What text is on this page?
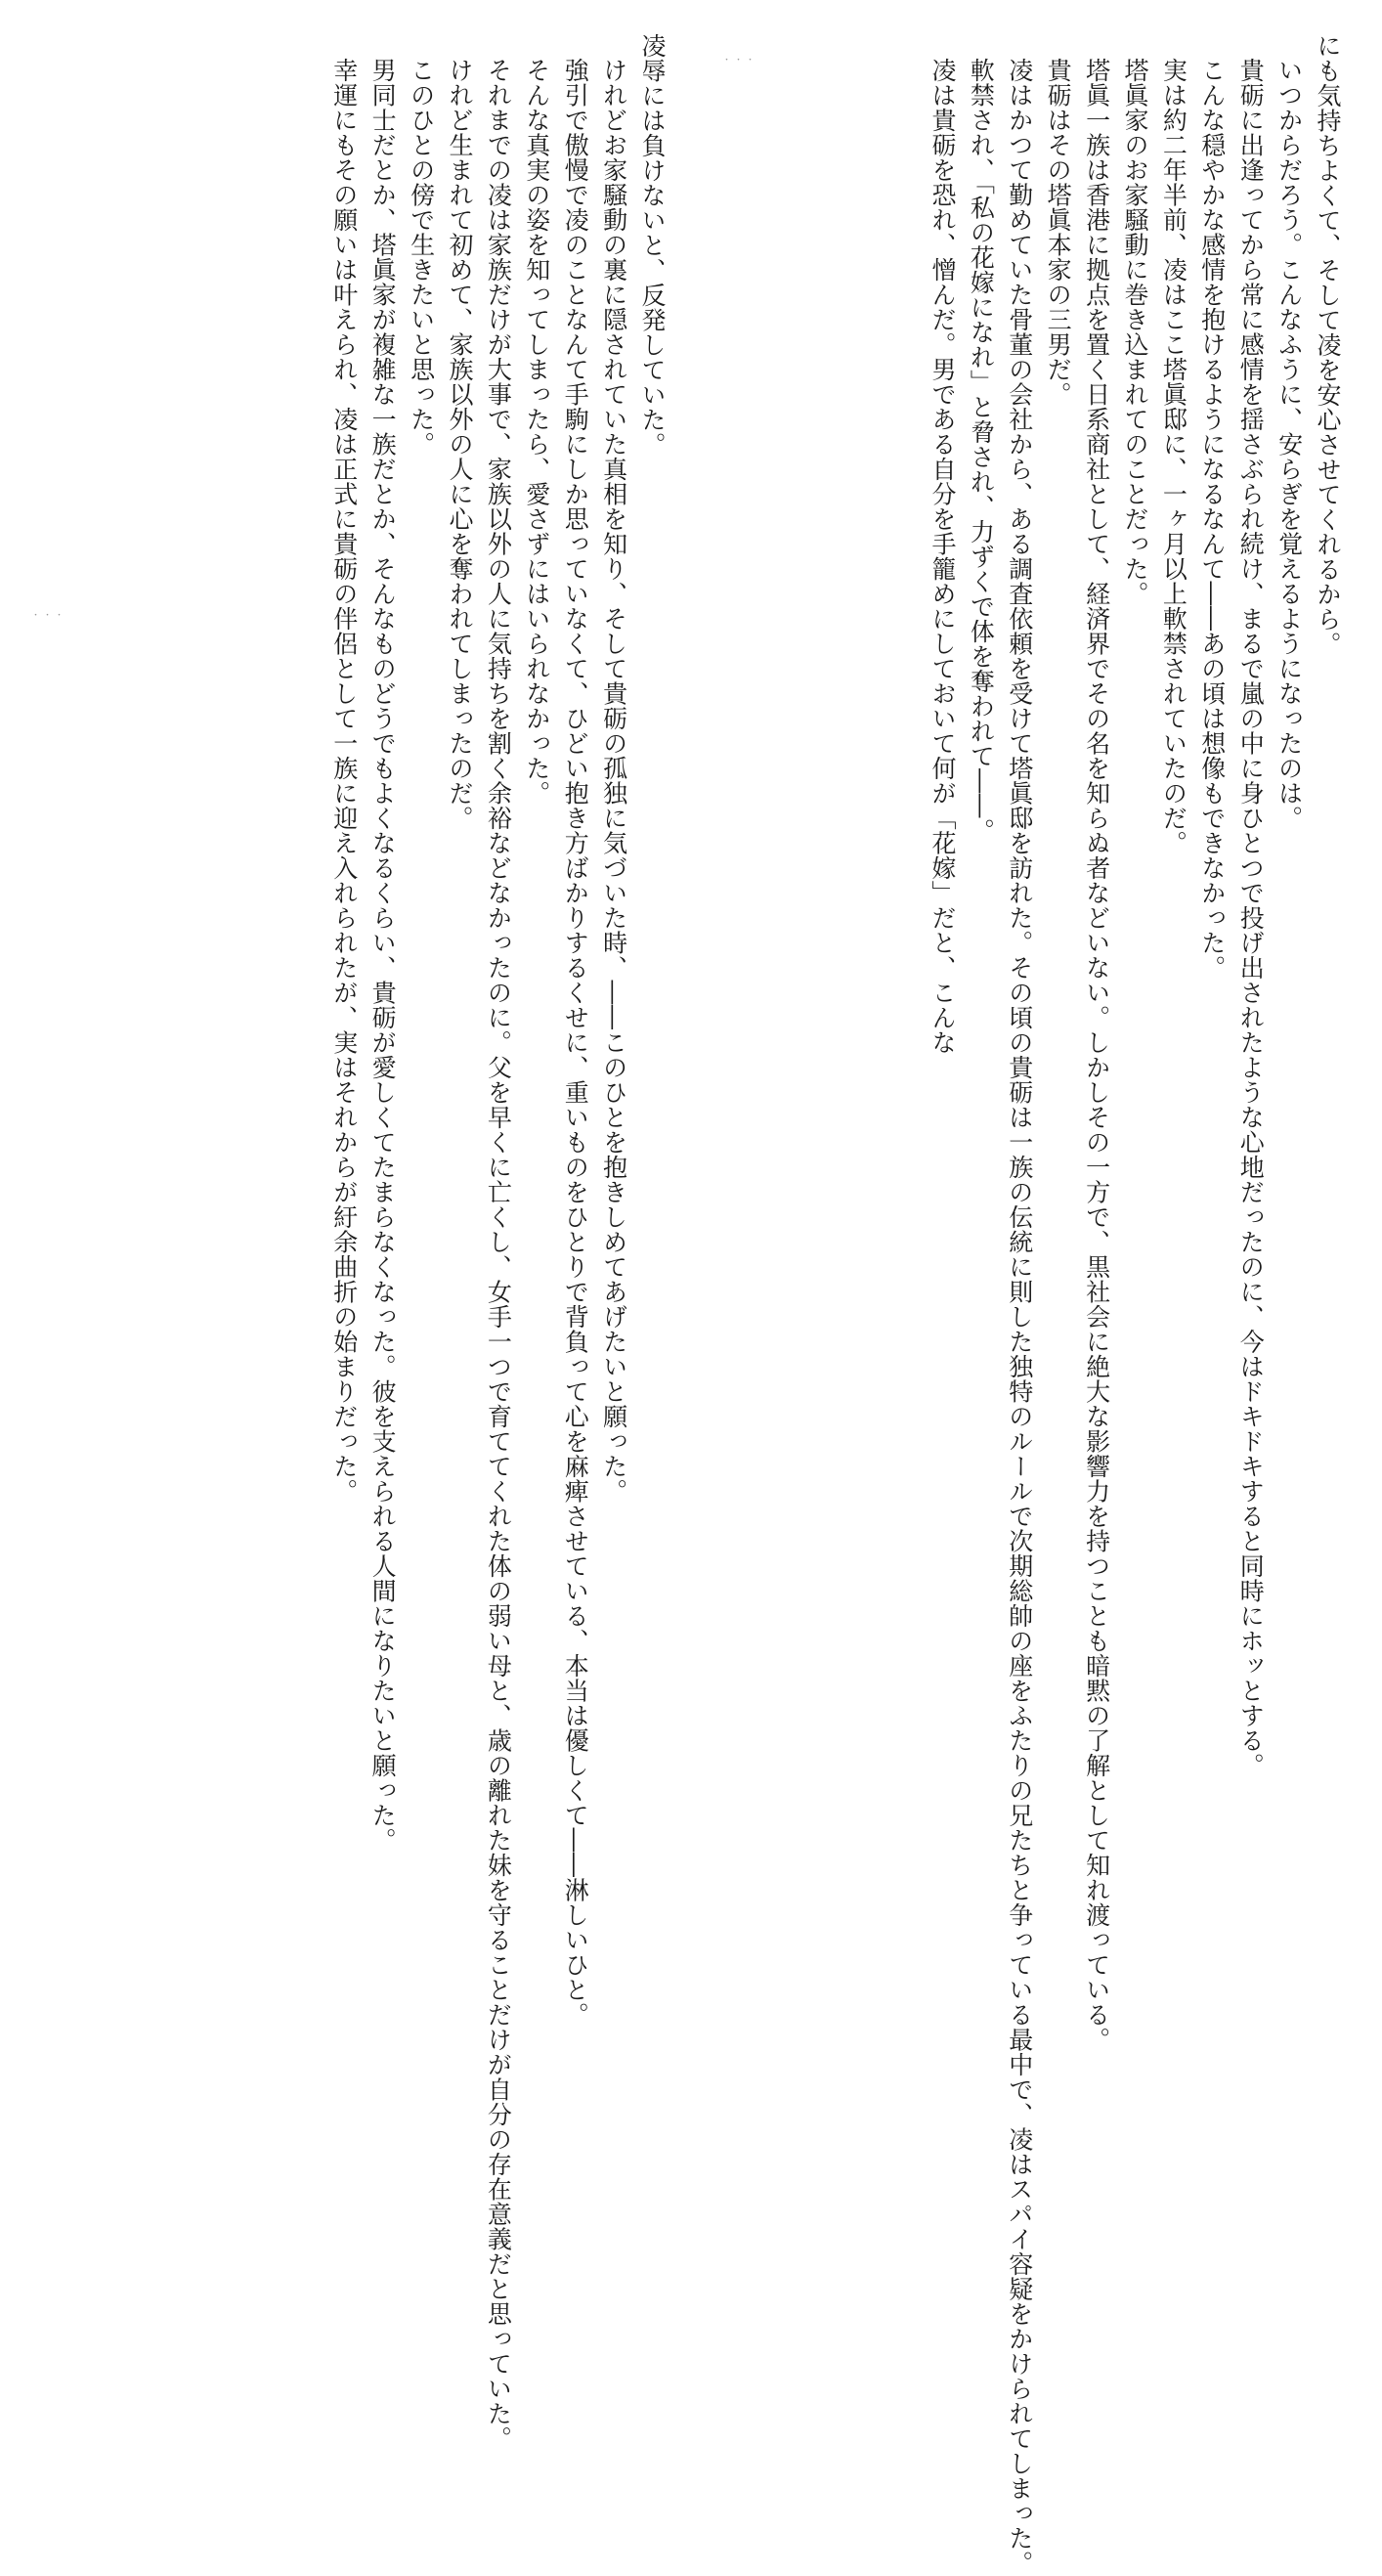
にも気持ちよくて、そして凌を安心させてくれるから。

いつからだろう。こんなふうに、安らぎを覚えるようになったのは。

貴砺に出逢ってから常に感情を揺さぶられ続け、まるで嵐の中に身ひとつで投げ出されたような心地だったのに、今はドキドキすると同時にホッとする。

こんな穏やかな感情を抱けるようになるなんて――あの頃は想像もできなかった。

実は約二年半前、凌はここ塔眞邸に、一ヶ月以上軟禁されていたのだ。

塔眞家のお家騒動に巻き込まれてのことだった。

塔眞一族は香港に拠点を置く日系商社として、経済界でその名を知らぬ者などいない。しかしその一方で、黒社会に絶大な影響力を持つことも暗黙の了解として知れ渡っている。

貴砺はその塔眞本家の三男だ。

凌はかつて勤めていた骨董の会社から、ある調査依頼を受けて塔眞邸を訪れた。その頃の貴砺は一族の伝統に則した独特のルールで次期総帥の座をふたりの兄たちと争っている最中で、凌はスパイ容疑をかけられてしまった。

軟禁され、「私の花嫁になれ」と脅され、力ずくで体を奪われて――。

凌は貴砺を恐れ、憎んだ。男である自分を手籠めにしておいて何が「花嫁」だと、こんな

・・・

凌辱には負けないと、反発していた。

けれどお家騒動の裏に隠されていた真相を知り、そして貴砺の孤独に気づいた時、――このひとを抱きしめてあげたいと願った。

強引で傲慢で凌のことなんて手駒にしか思っていなくて、ひどい抱き方ばかりするくせに、重いものをひとりで背負って心を麻痺させている、本当は優しくて――淋しいひと。

そんな真実の姿を知ってしまったら、愛さずにはいられなかった。

それまでの凌は家族だけが大事で、家族以外の人に気持ちを割く余裕などなかったのに。父を早くに亡くし、女手一つで育ててくれた体の弱い母と、歳の離れた妹を守ることだけが自分の存在意義だと思っていた。

けれど生まれて初めて、家族以外の人に心を奪われてしまったのだ。

このひとの傍で生きたいと思った。

男同士だとか、塔眞家が複雑な一族だとか、そんなものどうでもよくなるくらい、貴砺が愛しくてたまらなくなった。彼を支えられる人間になりたいと願った。

幸運にもその願いは叶えられ、凌は正式に貴砺の伴侶として一族に迎え入れられたが、実はそれからが紆余曲折の始まりだった。

・・・
